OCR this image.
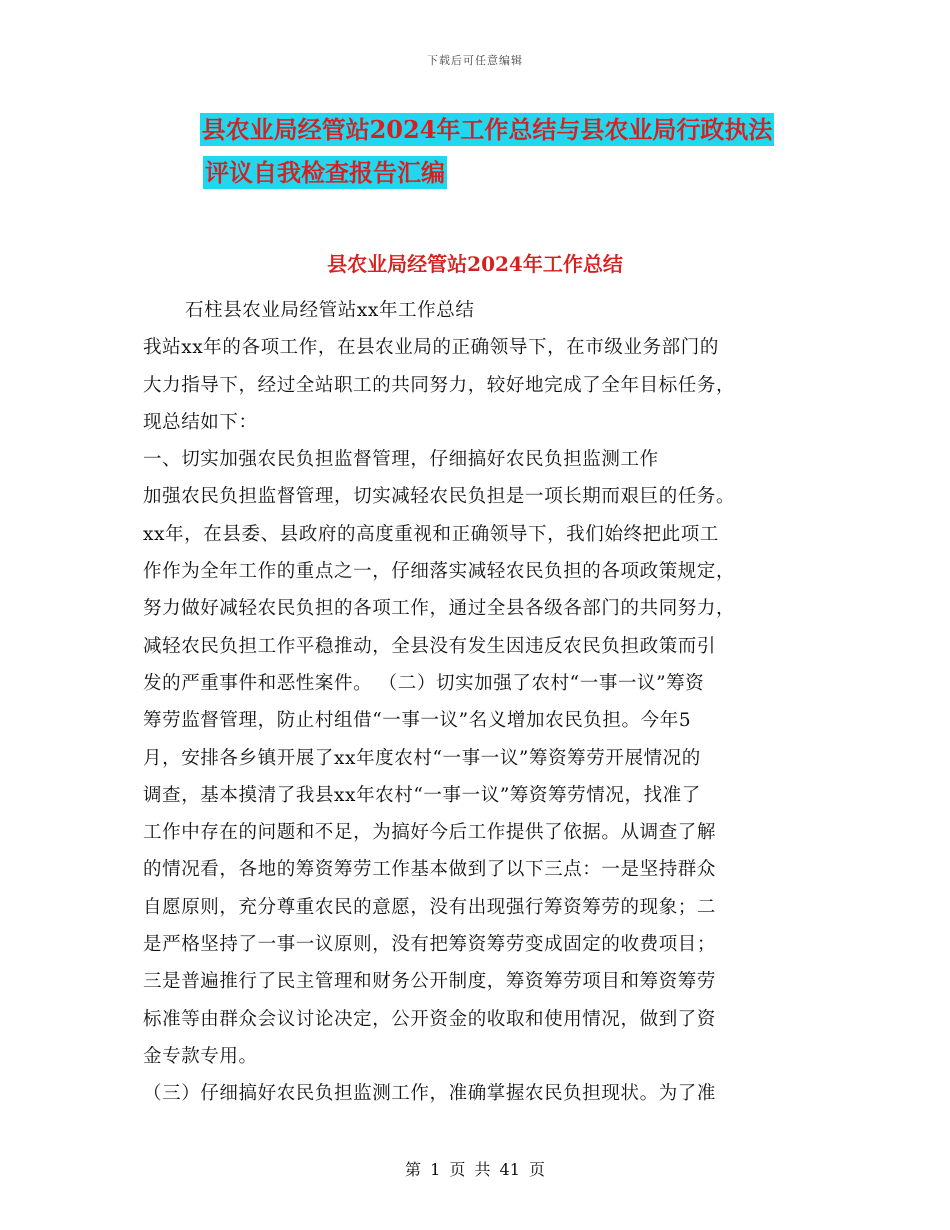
下载后可任意编辑
县农业局经管站2024年工作总结与县农业局行政执法
评议自我检查报告汇编
县农业局经管站2024年工作总结
石柱县农业局经管站xx年工作总结
我站xx年的各项工作，在县农业局的正确领导下，在市级业务部门的
大力指导下，经过全站职工的共同努力，较好地完成了全年目标任务，
现总结如下：
一、切实加强农民负担监督管理，仔细搞好农民负担监测工作
加强农民负担监督管理，切实减轻农民负担是一项长期而艰巨的任务。
xx年，在县委、县政府的高度重视和正确领导下，我们始终把此项工
作作为全年工作的重点之一，仔细落实减轻农民负担的各项政策规定，
努力做好减轻农民负担的各项工作，通过全县各级各部门的共同努力，
减轻农民负担工作平稳推动，全县没有发生因违反农民负担政策而引
发的严重事件和恶性案件。 （二）切实加强了农村“一事一议”筹资
筹劳监督管理，防止村组借“一事一议”名义增加农民负担。今年5
月，安排各乡镇开展了xx年度农村“一事一议”筹资筹劳开展情况的
调查，基本摸清了我县xx年农村“一事一议”筹资筹劳情况，找准了
工作中存在的问题和不足，为搞好今后工作提供了依据。从调查了解
的情况看，各地的筹资筹劳工作基本做到了以下三点：一是坚持群众
自愿原则，充分尊重农民的意愿，没有出现强行筹资筹劳的现象；二
是严格坚持了一事一议原则，没有把筹资筹劳变成固定的收费项目；
三是普遍推行了民主管理和财务公开制度，筹资筹劳项目和筹资筹劳
标准等由群众会议讨论决定，公开资金的收取和使用情况，做到了资
金专款专用。
（三）仔细搞好农民负担监测工作，准确掌握农民负担现状。为了准
第 1 页 共 41 页
